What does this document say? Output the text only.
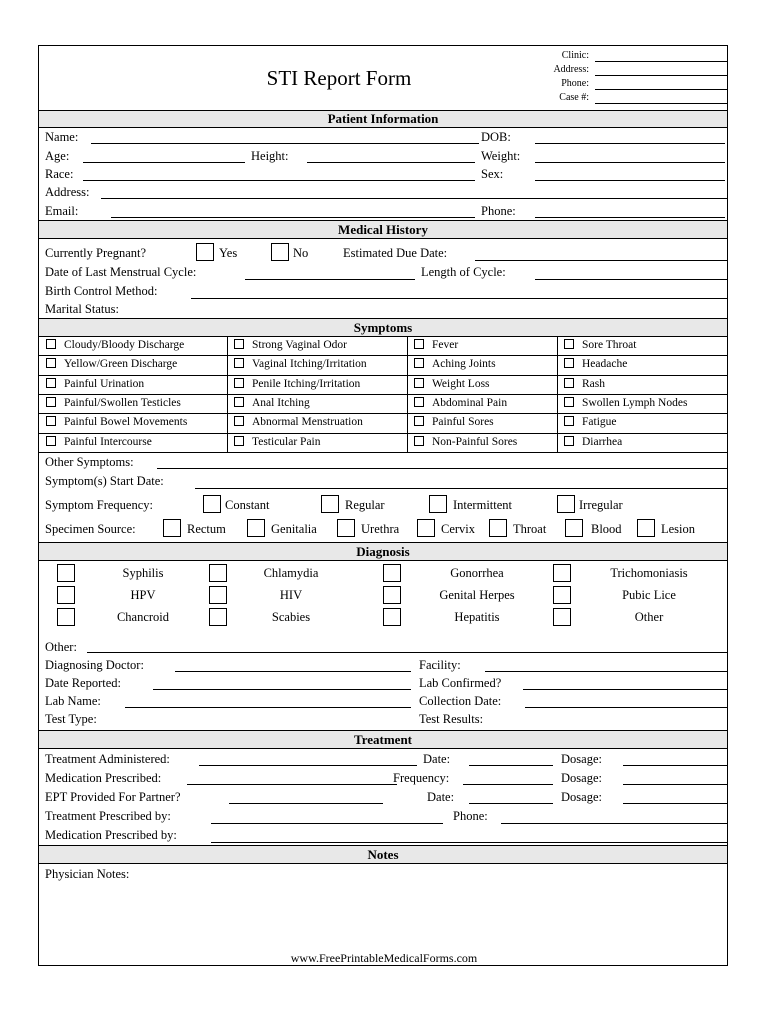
STI Report Form
Clinic:
Address:
Phone:
Case #:
Patient Information
Name:	DOB:
Age:	Height:	Weight:
Race:	Sex:
Address:
Email:	Phone:
Medical History
Currently Pregnant?	Yes	No	Estimated Due Date:
Date of Last Menstrual Cycle:	Length of Cycle:
Birth Control Method:
Marital Status:
Symptoms
Cloudy/Bloody Discharge	Strong Vaginal Odor	Fever	Sore Throat
Yellow/Green Discharge	Vaginal Itching/Irritation	Aching Joints	Headache
Painful Urination	Penile Itching/Irritation	Weight Loss	Rash
Painful/Swollen Testicles	Anal Itching	Abdominal Pain	Swollen Lymph Nodes
Painful Bowel Movements	Abnormal Menstruation	Painful Sores	Fatigue
Painful Intercourse	Testicular Pain	Non-Painful Sores	Diarrhea
Other Symptoms:
Symptom(s) Start Date:
Symptom Frequency:	Constant	Regular	Intermittent	Irregular
Specimen Source:	Rectum	Genitalia	Urethra	Cervix	Throat	Blood	Lesion
Diagnosis
Syphilis	Chlamydia	Gonorrhea	Trichomoniasis
HPV	HIV	Genital Herpes	Pubic Lice
Chancroid	Scabies	Hepatitis	Other
Other:
Diagnosing Doctor:	Facility:
Date Reported:	Lab Confirmed?
Lab Name:	Collection Date:
Test Type:	Test Results:
Treatment
Treatment Administered:	Date:	Dosage:
Medication Prescribed:	Frequency:	Dosage:
EPT Provided For Partner?	Date:	Dosage:
Treatment Prescribed by:	Phone:
Medication Prescribed by:
Notes
Physician Notes:
www.FreePrintableMedicalForms.com
